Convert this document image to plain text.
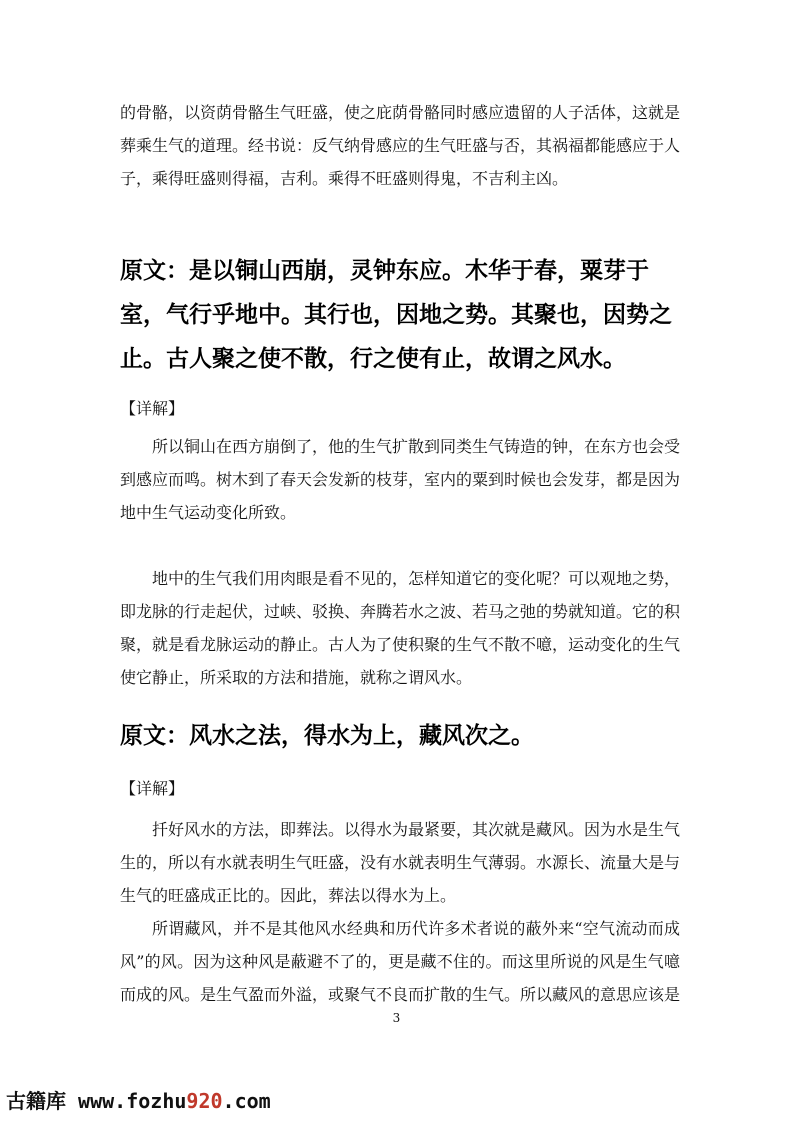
的骨骼，以资荫骨骼生气旺盛，使之庇荫骨骼同时感应遗留的人子活体，这就是葬乘生气的道理。经书说：反气纳骨感应的生气旺盛与否，其祸福都能感应于人子，乘得旺盛则得福，吉利。乘得不旺盛则得鬼，不吉利主凶。

原文：是以铜山西崩，灵钟东应。木华于春，粟芽于室，气行乎地中。其行也，因地之势。其聚也，因势之止。古人聚之使不散，行之使有止，故谓之风水。

【详解】

所以铜山在西方崩倒了，他的生气扩散到同类生气铸造的钟，在东方也会受到感应而鸣。树木到了春天会发新的枝芽，室内的粟到时候也会发芽，都是因为地中生气运动变化所致。

地中的生气我们用肉眼是看不见的，怎样知道它的变化呢？可以观地之势，即龙脉的行走起伏，过峡、驳换、奔腾若水之波、若马之弛的势就知道。它的积聚，就是看龙脉运动的静止。古人为了使积聚的生气不散不噫，运动变化的生气使它静止，所采取的方法和措施，就称之谓风水。

原文：风水之法，得水为上，藏风次之。

【详解】

扦好风水的方法，即葬法。以得水为最紧要，其次就是藏风。因为水是生气生的，所以有水就表明生气旺盛，没有水就表明生气薄弱。水源长、流量大是与生气的旺盛成正比的。因此，葬法以得水为上。

所谓藏风，并不是其他风水经典和历代许多术者说的蔽外来“空气流动而成风”的风。因为这种风是蔽避不了的，更是藏不住的。而这里所说的风是生气噫而成的风。是生气盈而外溢，或聚气不良而扩散的生气。所以藏风的意思应该是

3

古籍库 www.fozhu920.com
